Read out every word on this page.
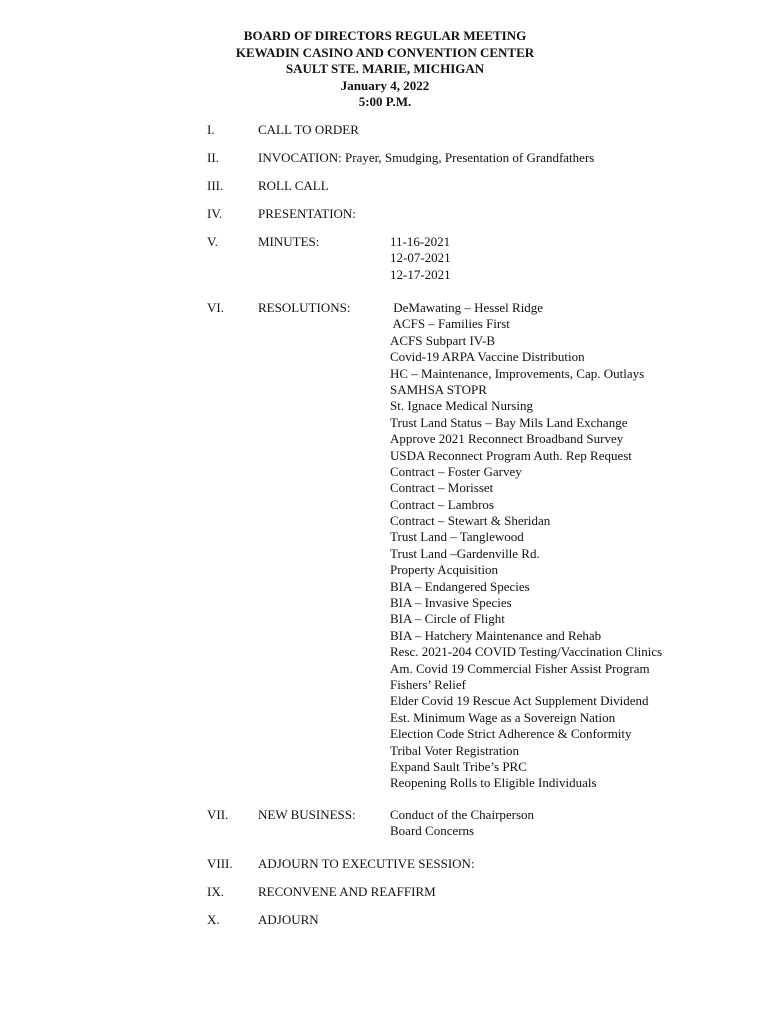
BOARD OF DIRECTORS REGULAR MEETING
KEWADIN CASINO AND CONVENTION CENTER
SAULT STE. MARIE, MICHIGAN
January 4, 2022
5:00 P.M.
I.	CALL TO ORDER
II.	INVOCATION: Prayer, Smudging, Presentation of Grandfathers
III.	ROLL CALL
IV.	PRESENTATION:
V.	MINUTES:	11-16-2021
12-07-2021
12-17-2021
VI.	RESOLUTIONS:	DeMawating – Hessel Ridge
ACFS – Families First
ACFS Subpart IV-B
Covid-19 ARPA Vaccine Distribution
HC – Maintenance, Improvements, Cap. Outlays
SAMHSA STOPR
St. Ignace Medical Nursing
Trust Land Status – Bay Mils Land Exchange
Approve 2021 Reconnect Broadband Survey
USDA Reconnect Program Auth. Rep Request
Contract – Foster Garvey
Contract – Morisset
Contract – Lambros
Contract – Stewart & Sheridan
Trust Land – Tanglewood
Trust Land –Gardenville Rd.
Property Acquisition
BIA – Endangered Species
BIA – Invasive Species
BIA – Circle of Flight
BIA – Hatchery Maintenance and Rehab
Resc. 2021-204 COVID Testing/Vaccination Clinics
Am. Covid 19 Commercial Fisher Assist Program
Fishers’ Relief
Elder Covid 19 Rescue Act Supplement Dividend
Est. Minimum Wage as a Sovereign Nation
Election Code Strict Adherence & Conformity
Tribal Voter Registration
Expand Sault Tribe’s PRC
Reopening Rolls to Eligible Individuals
VII. NEW BUSINESS:	Conduct of the Chairperson
Board Concerns
VIII. ADJOURN TO EXECUTIVE SESSION:
IX.	RECONVENE AND REAFFIRM
X.	ADJOURN
